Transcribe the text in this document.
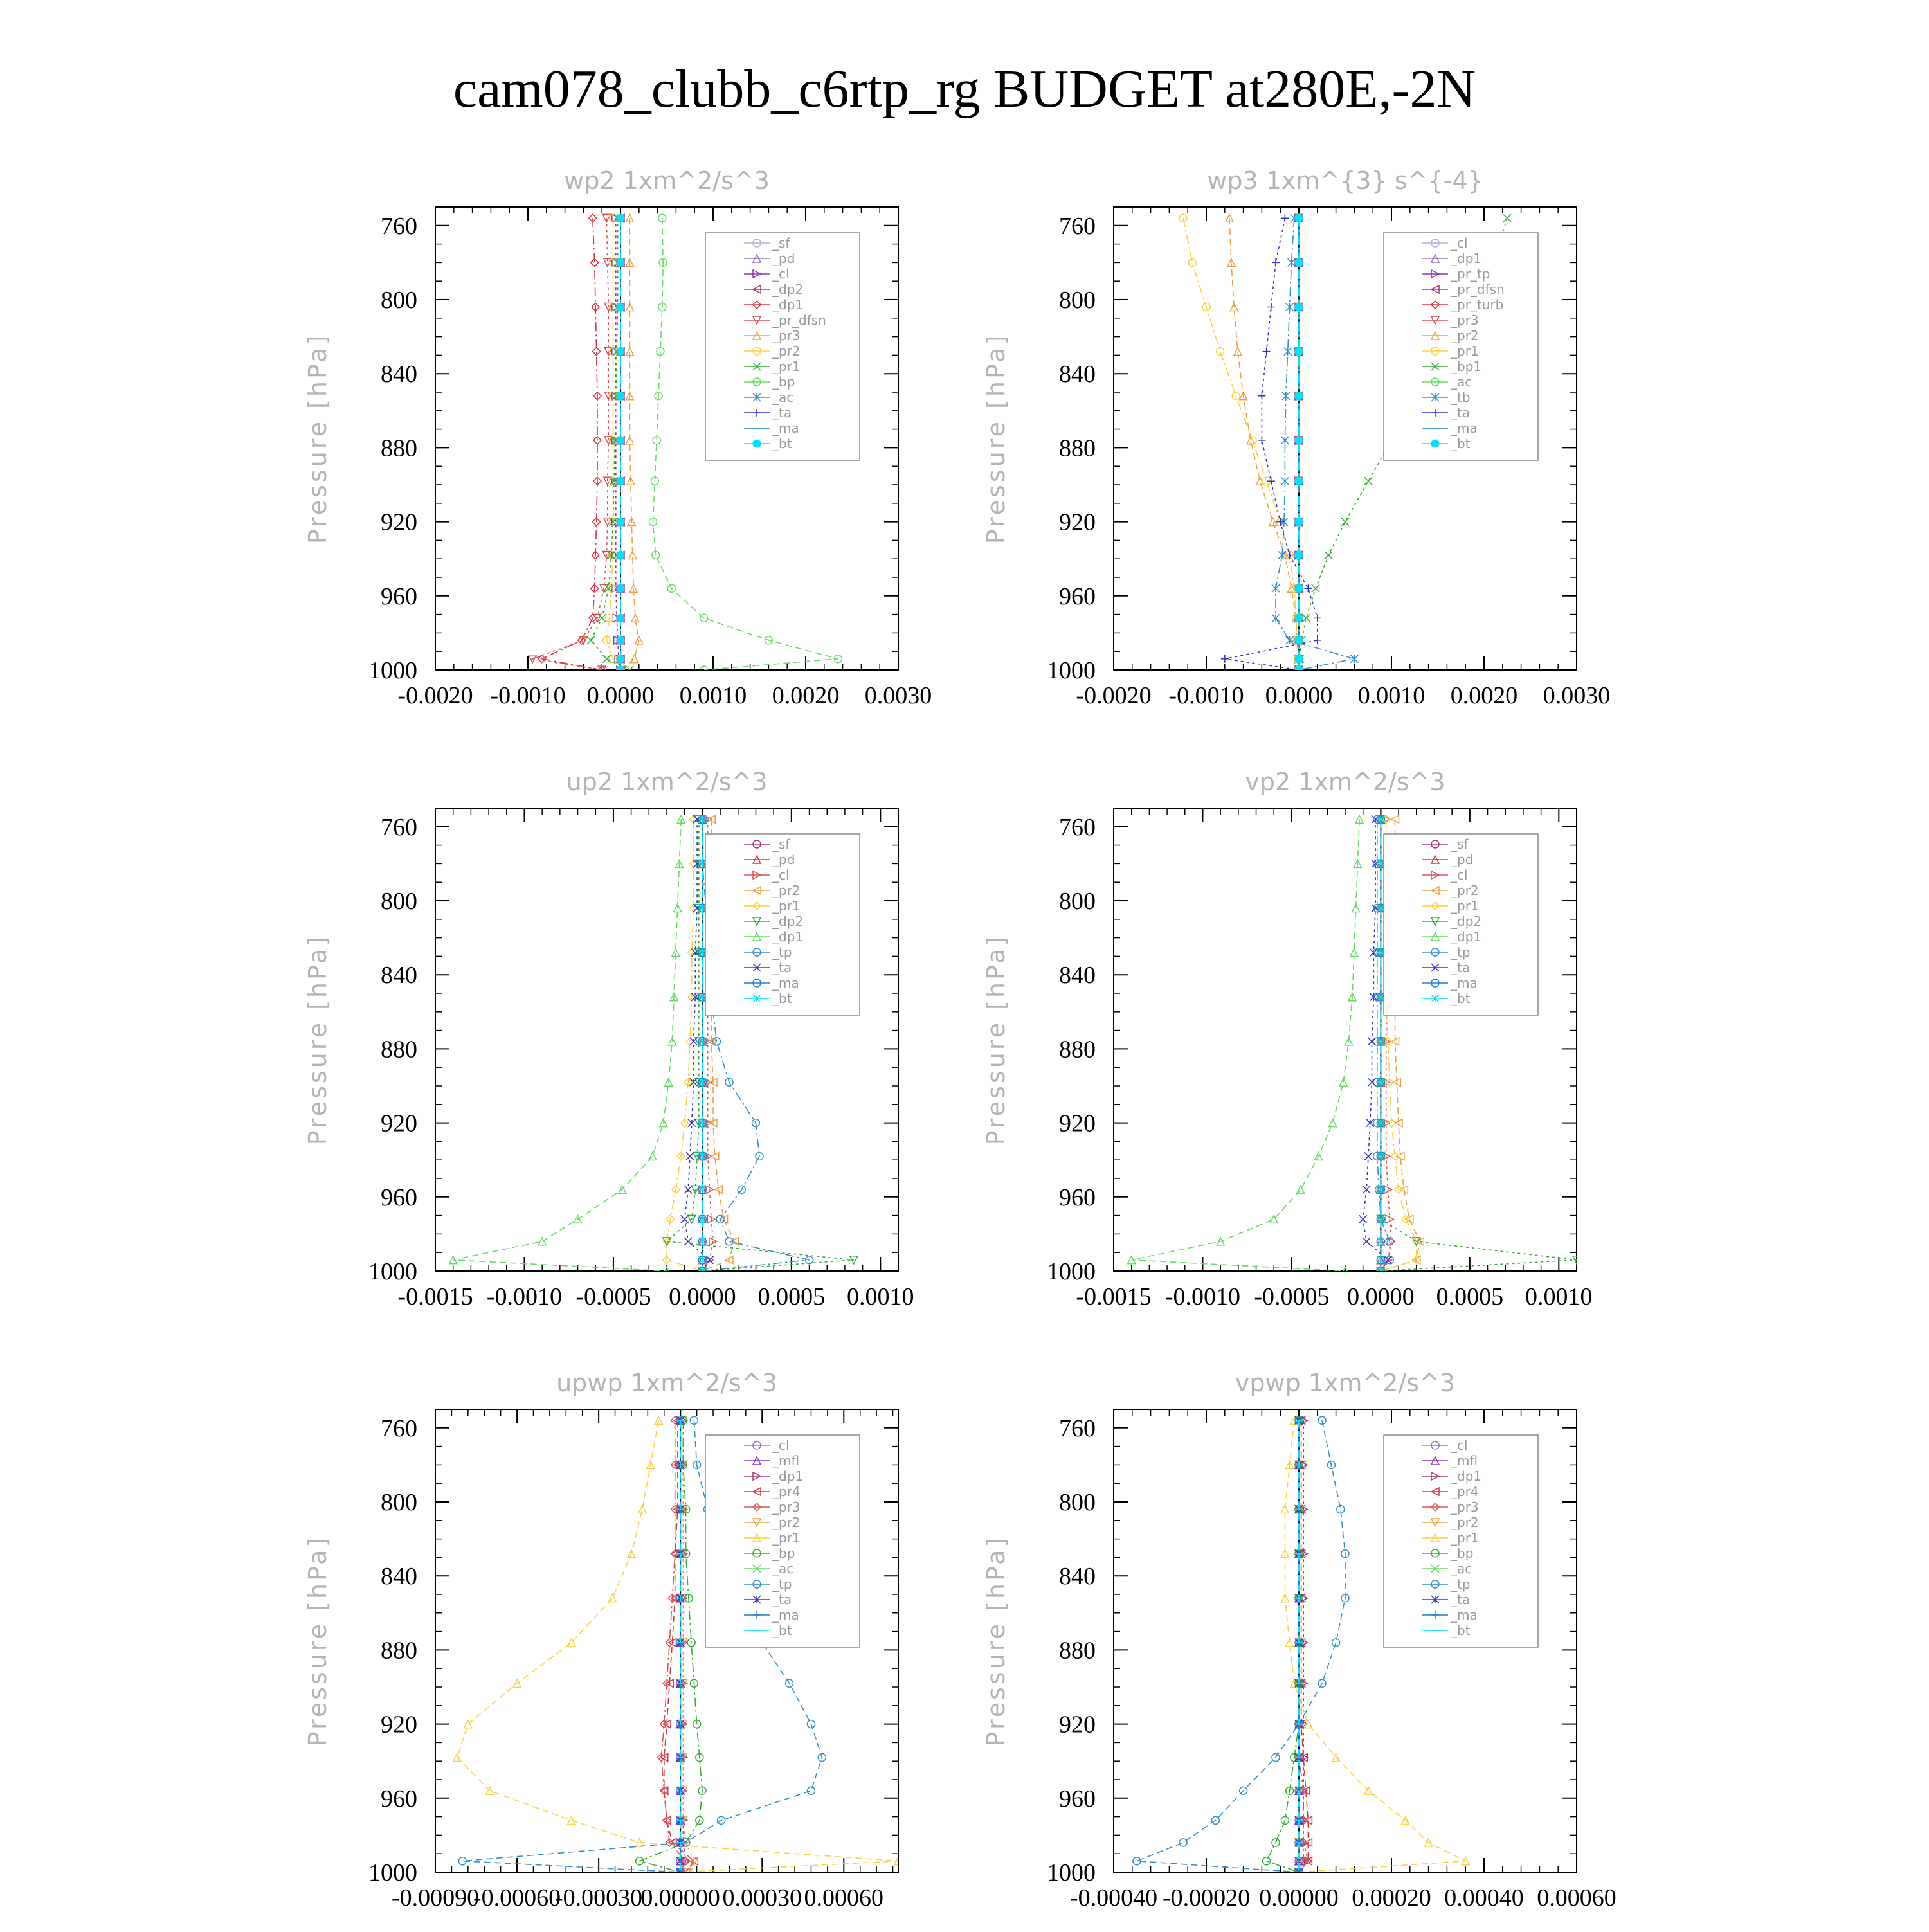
cam078_clubb_c6rtp_rg BUDGET at280E,-2N
760
800
840
880
920
960
1000
-0.0020 -0.0010 0.0000 0.0010 0.0020 0.0030
wp2 1xm^2/s^3
Pressure [hPa]
_sf
_pd
_cl
_dp2
_dp1
_pr_dfsn
_pr3
_pr2
_pr1
_bp
_ac
_ta
_ma
_bt
760
800
840
880
920
960
1000
-0.0020 -0.0010 0.0000 0.0010 0.0020 0.0030
wp3 1xm^{3} s^{-4}
Pressure [hPa]
_cl
_dp1
_pr_tp
_pr_dfsn
_pr_turb
_pr3
_pr2
_pr1
_bp1
_ac
_tb
_ta
_ma
_bt
760
800
840
880
920
960
1000
-0.0015 -0.0010 -0.0005 0.0000 0.0005 0.0010
up2 1xm^2/s^3
Pressure [hPa]
_sf
_pd
_cl
_pr2
_pr1
_dp2
_dp1
_tp
_ta
_ma
_bt
760
800
840
880
920
960
1000
-0.0015 -0.0010 -0.0005 0.0000 0.0005 0.0010
vp2 1xm^2/s^3
Pressure [hPa]
_sf
_pd
_cl
_pr2
_pr1
_dp2
_dp1
_tp
_ta
_ma
_bt
760
800
840
880
920
960
1000
-0.00090
-0.00060
-0.00030
0.00000 0.00030 0.00060
upwp 1xm^2/s^3
Pressure [hPa]
_cl
_mfl
_dp1
_pr4
_pr3
_pr2
_pr1
_bp
_ac
_tp
_ta
_ma
_bt
760
800
840
880
920
960
1000
-0.00040 -0.00020 0.00000 0.00020 0.00040 0.00060
vpwp 1xm^2/s^3
Pressure [hPa]
_cl
_mfl
_dp1
_pr4
_pr3
_pr2
_pr1
_bp
_ac
_tp
_ta
_ma
_bt
